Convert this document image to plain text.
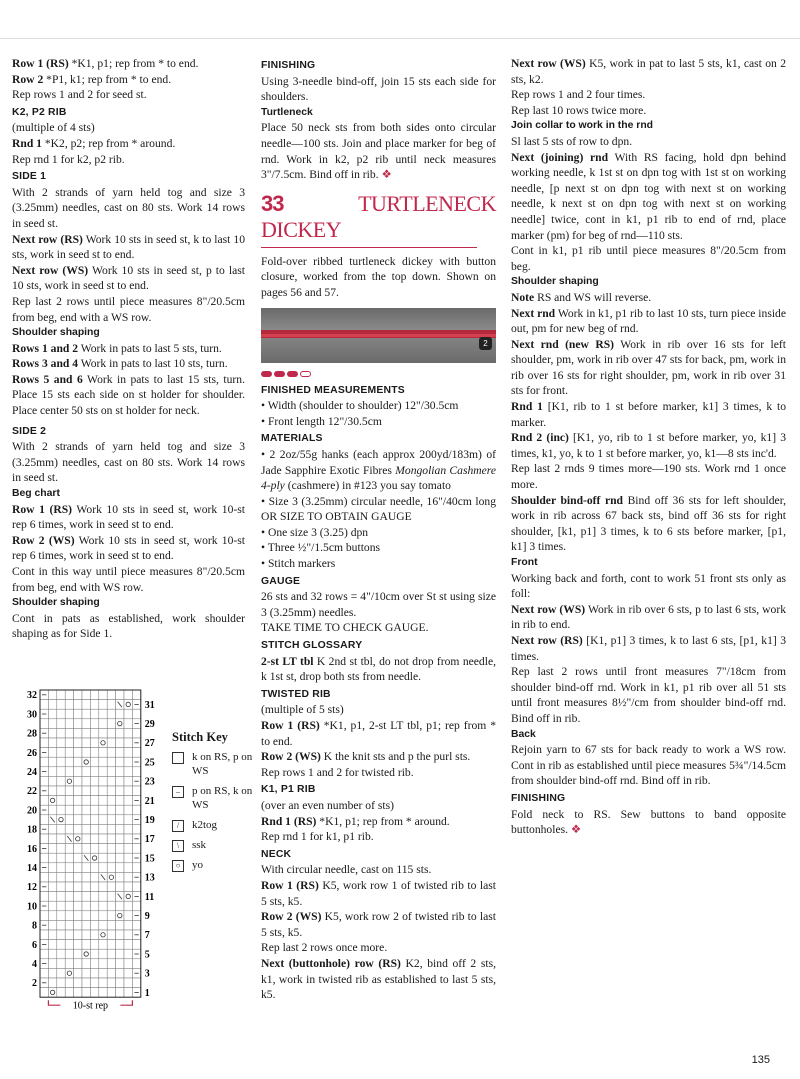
Row 1 (RS) *K1, p1; rep from * to end.

Row 2 *P1, k1; rep from * to end.

Rep rows 1 and 2 for seed st.

K2, P2 RIB

(multiple of 4 sts)

Rnd 1 *K2, p2; rep from * around.

Rep rnd 1 for k2, p2 rib.

SIDE 1

With 2 strands of yarn held tog and size 3 (3.25mm) needles, cast on 80 sts. Work 14 rows in seed st.

Next row (RS) Work 10 sts in seed st, k to last 10 sts, work in seed st to end.

Next row (WS) Work 10 sts in seed st, p to last 10 sts, work in seed st to end.

Rep last 2 rows until piece measures 8"/20.5cm from beg, end with a WS row.

Shoulder shaping

Rows 1 and 2 Work in pats to last 5 sts, turn.

Rows 3 and 4 Work in pats to last 10 sts, turn.

Rows 5 and 6 Work in pats to last 15 sts, turn. Place 15 sts each side on st holder for shoulder. Place center 50 sts on st holder for neck.

SIDE 2

With 2 strands of yarn held tog and size 3 (3.25mm) needles, cast on 80 sts. Work 14 rows in seed st.

Beg chart

Row 1 (RS) Work 10 sts in seed st, work 10-st rep 6 times, work in seed st to end.

Row 2 (WS) Work 10 sts in seed st, work 10-st rep 6 times, work in seed st to end.

Cont in this way until piece measures 8"/20.5cm from beg, end with WS row.

Shoulder shaping

Cont in pats as established, work shoulder shaping as for Side 1.

32
30
28
26
24
22
20
18
16
14
12
10
8
6
4
2
31
29
27
25
23
21
19
17
15
13
11
9
7
5
3
1
10-st rep
Stitch Key
k on RS, p on WS
–	p on RS, k on WS
/	k2tog
\	ssk
○	yo

FINISHING

Using 3-needle bind-off, join 15 sts each side for shoulders.

Turtleneck

Place 50 neck sts from both sides onto circular needle—100 sts. Join and place marker for beg of rnd. Work in k2, p2 rib until neck measures 3"/7.5cm. Bind off in rib. ❖

33	TURTLENECK DICKEY

Fold-over ribbed turtleneck dickey with button closure, worked from the top down. Shown on pages 56 and 57.

2

FINISHED MEASUREMENTS

• Width (shoulder to shoulder) 12"/30.5cm

• Front length 12"/30.5cm

MATERIALS

• 2 2oz/55g hanks (each approx 200yd/183m) of Jade Sapphire Exotic Fibres Mongolian Cashmere 4-ply (cashmere) in #123 you say tomato

• Size 3 (3.25mm) circular needle, 16"/40cm long OR SIZE TO OBTAIN GAUGE

• One size 3 (3.25) dpn

• Three ½"/1.5cm buttons

• Stitch markers

GAUGE

26 sts and 32 rows = 4"/10cm over St st using size 3 (3.25mm) needles.

TAKE TIME TO CHECK GAUGE.

STITCH GLOSSARY

2-st LT tbl K 2nd st tbl, do not drop from needle, k 1st st, drop both sts from needle.

TWISTED RIB

(multiple of 5 sts)

Row 1 (RS) *K1, p1, 2-st LT tbl, p1; rep from * to end.

Row 2 (WS) K the knit sts and p the purl sts.

Rep rows 1 and 2 for twisted rib.

K1, P1 RIB

(over an even number of sts)

Rnd 1 (RS) *K1, p1; rep from * around.

Rep rnd 1 for k1, p1 rib.

NECK

With circular needle, cast on 115 sts.

Row 1 (RS) K5, work row 1 of twisted rib to last 5 sts, k5.

Row 2 (WS) K5, work row 2 of twisted rib to last 5 sts, k5.

Rep last 2 rows once more.

Next (buttonhole) row (RS) K2, bind off 2 sts, k1, work in twisted rib as established to last 5 sts, k5.

Next row (WS) K5, work in pat to last 5 sts, k1, cast on 2 sts, k2.

Rep rows 1 and 2 four times.

Rep last 10 rows twice more.

Join collar to work in the rnd

Sl last 5 sts of row to dpn.

Next (joining) rnd With RS facing, hold dpn behind working needle, k 1st st on dpn tog with 1st st on working needle, [p next st on dpn tog with next st on working needle, k next st on dpn tog with next st on working needle] twice, cont in k1, p1 rib to end of rnd, place marker (pm) for beg of rnd—110 sts.

Cont in k1, p1 rib until piece measures 8"/20.5cm from beg.

Shoulder shaping

Note RS and WS will reverse.

Next rnd Work in k1, p1 rib to last 10 sts, turn piece inside out, pm for new beg of rnd.

Next rnd (new RS) Work in rib over 16 sts for left shoulder, pm, work in rib over 47 sts for back, pm, work in rib over 16 sts for right shoulder, pm, work in rib over 31 sts for front.

Rnd 1 [K1, rib to 1 st before marker, k1] 3 times, k to marker.

Rnd 2 (inc) [K1, yo, rib to 1 st before marker, yo, k1] 3 times, k1, yo, k to 1 st before marker, yo, k1—8 sts inc'd.

Rep last 2 rnds 9 times more—190 sts. Work rnd 1 once more.

Shoulder bind-off rnd Bind off 36 sts for left shoulder, work in rib across 67 back sts, bind off 36 sts for right shoulder, [k1, p1] 3 times, k to 6 sts before marker, [p1, k1] 3 times.

Front

Working back and forth, cont to work 51 front sts only as foll:

Next row (WS) Work in rib over 6 sts, p to last 6 sts, work in rib to end.

Next row (RS) [K1, p1] 3 times, k to last 6 sts, [p1, k1] 3 times.

Rep last 2 rows until front measures 7"/18cm from shoulder bind-off rnd. Work in k1, p1 rib over all 51 sts until front measures 8½"/cm from shoulder bind-off rnd. Bind off in rib.

Back

Rejoin yarn to 67 sts for back ready to work a WS row. Cont in rib as established until piece measures 5¾"/14.5cm from shoulder bind-off rnd. Bind off in rib.

FINISHING

Fold neck to RS. Sew buttons to band opposite buttonholes. ❖

135
